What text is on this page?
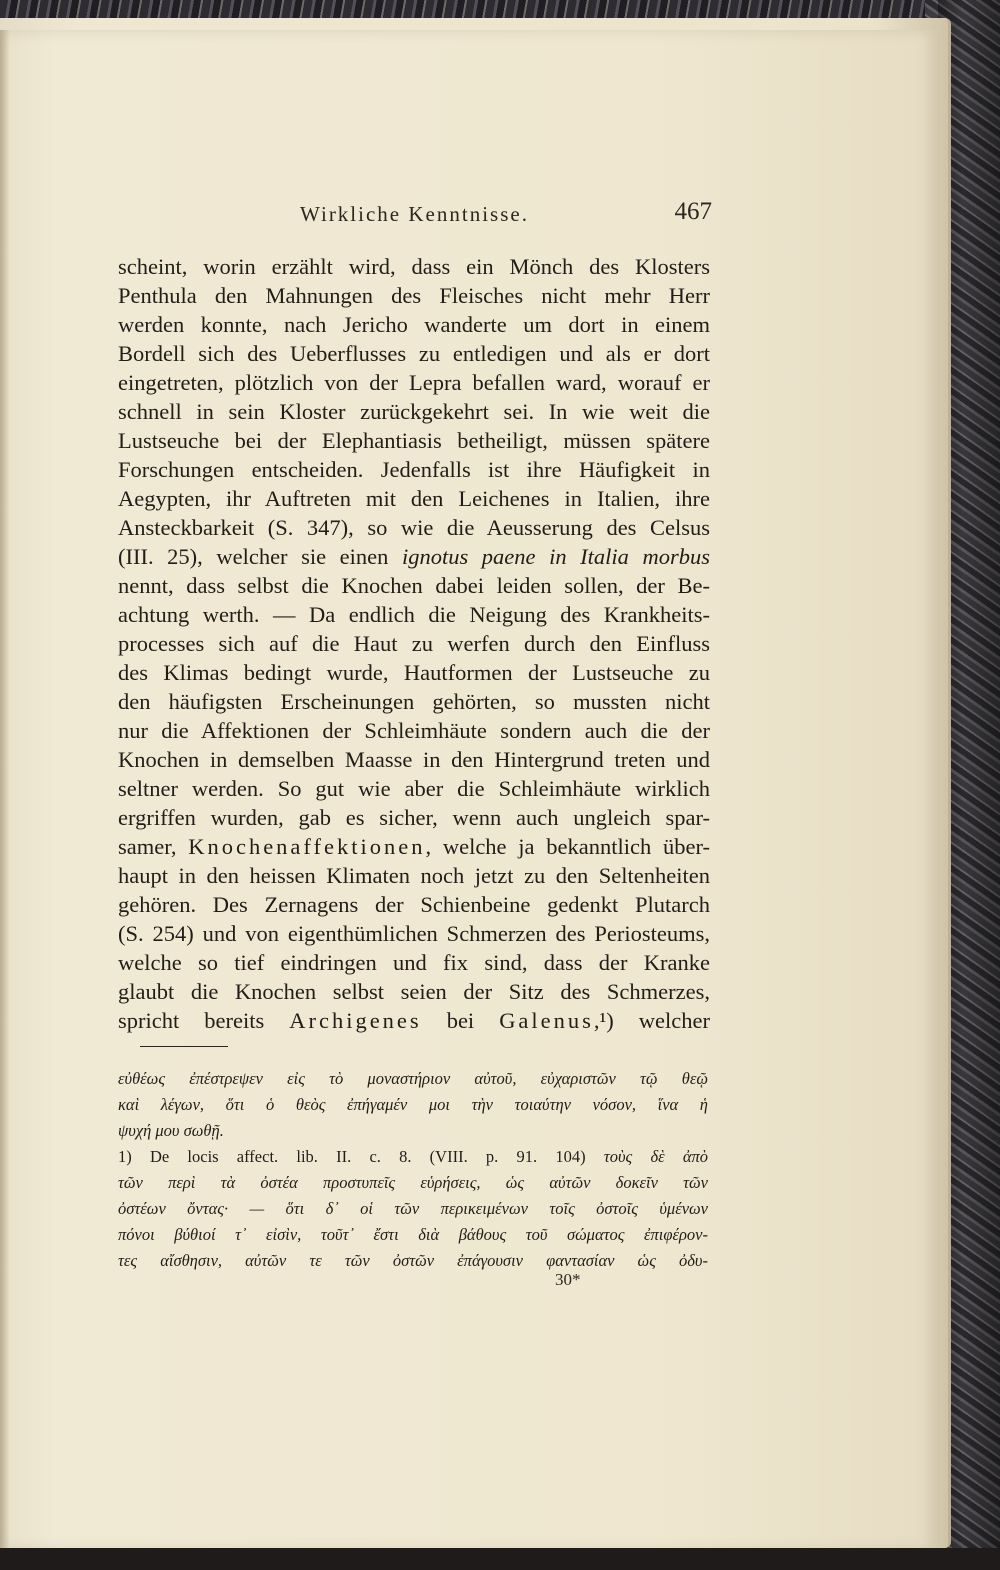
Wirkliche Kenntnisse.	467
scheint, worin erzählt wird, dass ein Mönch des Klosters
Penthula den Mahnungen des Fleisches nicht mehr Herr
werden konnte, nach Jericho wanderte um dort in einem
Bordell sich des Ueberflusses zu entledigen und als er dort
eingetreten, plötzlich von der Lepra befallen ward, worauf er
schnell in sein Kloster zurückgekehrt sei. In wie weit die
Lustseuche bei der Elephantiasis betheiligt, müssen spätere
Forschungen entscheiden. Jedenfalls ist ihre Häufigkeit in
Aegypten, ihr Auftreten mit den Leichenes in Italien, ihre
Ansteckbarkeit (S. 347), so wie die Aeusserung des Celsus
(III. 25), welcher sie einen ignotus paene in Italia morbus
nennt, dass selbst die Knochen dabei leiden sollen, der Be-
achtung werth. — Da endlich die Neigung des Krankheits-
processes sich auf die Haut zu werfen durch den Einfluss
des Klimas bedingt wurde, Hautformen der Lustseuche zu
den häufigsten Erscheinungen gehörten, so mussten nicht
nur die Affektionen der Schleimhäute sondern auch die der
Knochen in demselben Maasse in den Hintergrund treten und
seltner werden. So gut wie aber die Schleimhäute wirklich
ergriffen wurden, gab es sicher, wenn auch ungleich spar-
samer, Knochenaffektionen, welche ja bekanntlich über-
haupt in den heissen Klimaten noch jetzt zu den Seltenheiten
gehören. Des Zernagens der Schienbeine gedenkt Plutarch
(S. 254) und von eigenthümlichen Schmerzen des Periosteums,
welche so tief eindringen und fix sind, dass der Kranke
glaubt die Knochen selbst seien der Sitz des Schmerzes,
spricht bereits Archigenes bei Galenus,¹) welcher
εὐθέως ἐπέστρεψεν εἰς τὸ μοναστήριον αὐτοῦ, εὐχαριστῶν τῷ θεῷ
καὶ λέγων, ὅτι ὁ θεὸς ἐπήγαμέν μοι τὴν τοιαύτην νόσον, ἵνα ἡ
ψυχή μου σωθῇ.
1) De locis affect. lib. II. c. 8. (VIII. p. 91. 104) τοὺς δὲ ἀπὸ
τῶν περὶ τὰ ὀστέα προστυπεῖς εὑρήσεις, ὡς αὐτῶν δοκεῖν τῶν
ὀστέων ὄντας· — ὅτι δ᾽ οἱ τῶν περικειμένων τοῖς ὀστοῖς ὑμένων
πόνοι βύθιοί τ᾽ εἰσὶν, τοῦτ᾽ ἔστι διὰ βάθους τοῦ σώματος ἐπιφέρον-
τες αἴσθησιν, αὐτῶν τε τῶν ὀστῶν ἐπάγουσιν φαντασίαν ὡς ὀδυ-
30*
